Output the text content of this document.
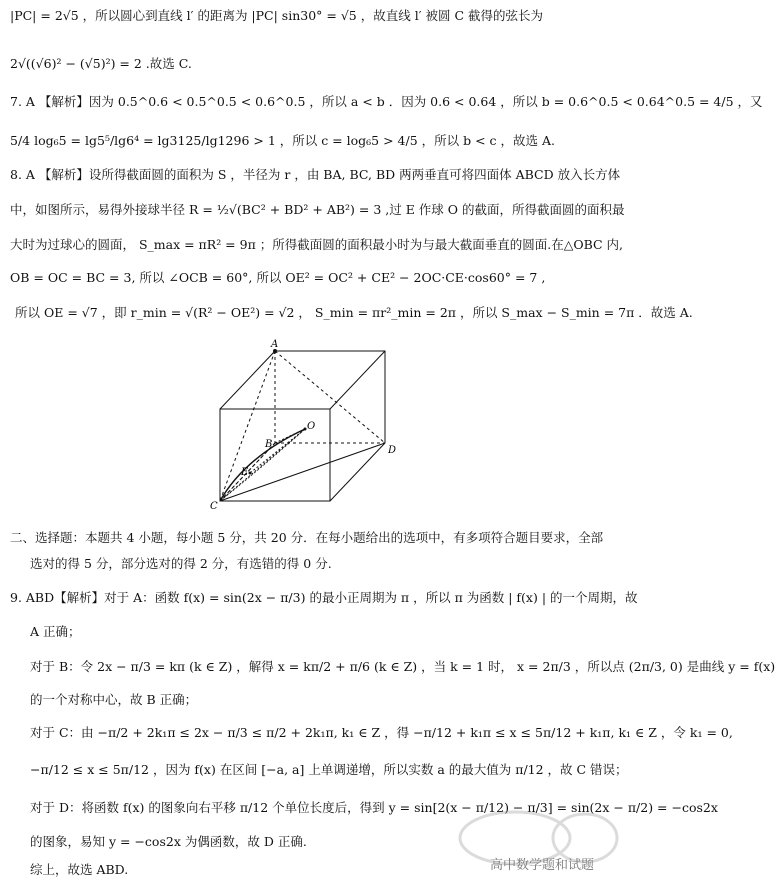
|PC| = 2√5 ，所以圆心到直线 l′ 的距离为 |PC| sin30° = √5 ，故直线 l′ 被圆 C 截得的弦长为
2√((√6)² − (√5)²) = 2 .故选 C.
7. A 【解析】因为 0.5^0.6 < 0.5^0.5 < 0.6^0.5 ，所以 a < b ．因为 0.6 < 0.64 ，所以 b = 0.6^0.5 < 0.64^0.5 = 4/5 ，又
5/4 log₆5 = lg5⁵/lg6⁴ = lg3125/lg1296 > 1 ，所以 c = log₆5 > 4/5 ，所以 b < c ，故选 A.
8. A 【解析】设所得截面圆的面积为 S ，半径为 r ，由 BA, BC, BD 两两垂直可将四面体 ABCD 放入长方体
中，如图所示，易得外接球半径 R = ½√(BC² + BD² + AB²) = 3 ,过 E 作球 O 的截面，所得截面圆的面积最
大时为过球心的圆面， S_max = πR² = 9π ；所得截面圆的面积最小时为与最大截面垂直的圆面.在△OBC 内,
OB = OC = BC = 3, 所以 ∠OCB = 60°, 所以 OE² = OC² + CE² − 2OC·CE·cos60° = 7 ,
所以 OE = √7 ，即 r_min = √(R² − OE²) = √2 ， S_min = πr²_min = 2π ，所以 S_max − S_min = 7π ．故选 A.
A
B
O
D
E
C
二、选择题：本题共 4 小题，每小题 5 分，共 20 分．在每小题给出的选项中，有多项符合题目要求，全部
选对的得 5 分，部分选对的得 2 分，有选错的得 0 分.
9. ABD【解析】对于 A：函数 f(x) = sin(2x − π/3) 的最小正周期为 π ，所以 π 为函数 | f(x) | 的一个周期，故
A 正确；
对于 B：令 2x − π/3 = kπ (k ∈ Z) ，解得 x = kπ/2 + π/6 (k ∈ Z) ，当 k = 1 时， x = 2π/3 ，所以点 (2π/3, 0) 是曲线 y = f(x)
的一个对称中心，故 B 正确；
对于 C：由 −π/2 + 2k₁π ≤ 2x − π/3 ≤ π/2 + 2k₁π, k₁ ∈ Z ，得 −π/12 + k₁π ≤ x ≤ 5π/12 + k₁π, k₁ ∈ Z ，令 k₁ = 0,
−π/12 ≤ x ≤ 5π/12 ，因为 f(x) 在区间 [−a, a] 上单调递增，所以实数 a 的最大值为 π/12 ，故 C 错误；
对于 D：将函数 f(x) 的图象向右平移 π/12 个单位长度后，得到 y = sin[2(x − π/12) − π/3] = sin(2x − π/2) = −cos2x
的图象，易知 y = −cos2x 为偶函数，故 D 正确.
综上，故选 ABD.	高中数学题和试题
